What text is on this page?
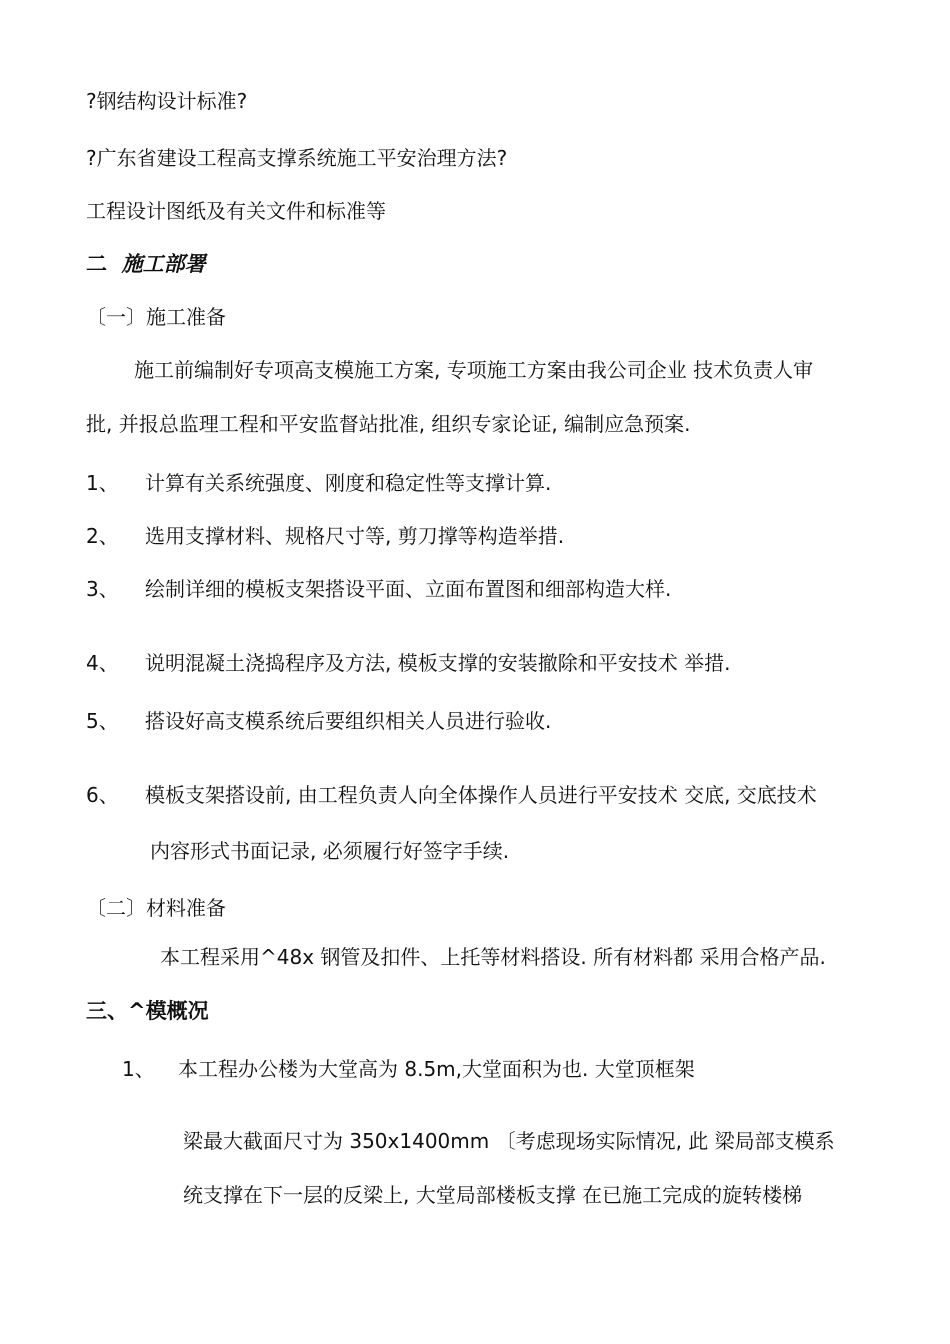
?钢结构设计标准?
?广东省建设工程高支撑系统施工平安治理方法?
工程设计图纸及有关文件和标准等
二 施工部署
〔一〕施工准备
施工前编制好专项高支模施工方案, 专项施工方案由我公司企业 技术负责人审
批, 并报总监理工程和平安监督站批准, 组织专家论证, 编制应急预案.
1、 计算有关系统强度、刚度和稳定性等支撑计算.
2、 选用支撑材料、规格尺寸等, 剪刀撑等构造举措.
3、 绘制详细的模板支架搭设平面、立面布置图和细部构造大样.
4、 说明混凝土浇捣程序及方法, 模板支撑的安装撤除和平安技术 举措.
5、 搭设好高支模系统后要组织相关人员进行验收.
6、 模板支架搭设前, 由工程负责人向全体操作人员进行平安技术 交底, 交底技术
内容形式书面记录, 必须履行好签字手续.
〔二〕材料准备
本工程采用^48x 钢管及扣件、上托等材料搭设. 所有材料都 采用合格产品.
三、^模概况
1、 本工程办公楼为大堂高为 8.5m,大堂面积为也. 大堂顶框架
梁最大截面尺寸为 350x1400mm 〔考虑现场实际情况, 此 梁局部支模系
统支撑在下一层的反梁上, 大堂局部楼板支撑 在已施工完成的旋转楼梯
